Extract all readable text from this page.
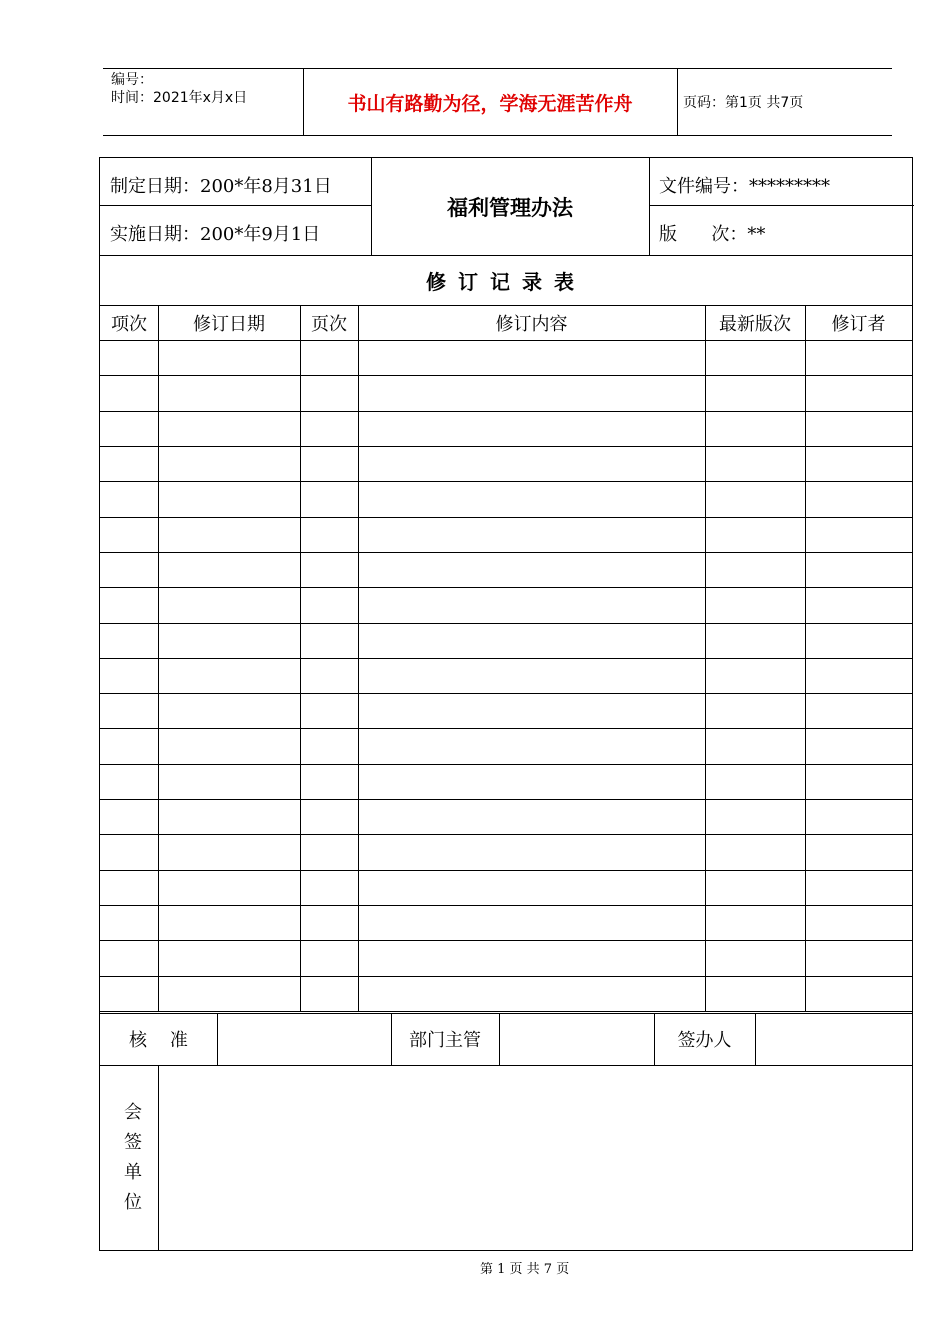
编号：
时间：2021年x月x日	书山有路勤为径，学海无涯苦作舟	页码：第1页 共7页
制定日期：200*年8月31日
实施日期：200*年9月1日
福利管理办法
文件编号：*********
版      次：**
修订记录表
项次	修订日期	页次	修订内容	最新版次	修订者
核    准	部门主管	签办人
会
签
单
位
第 1 页 共 7 页
